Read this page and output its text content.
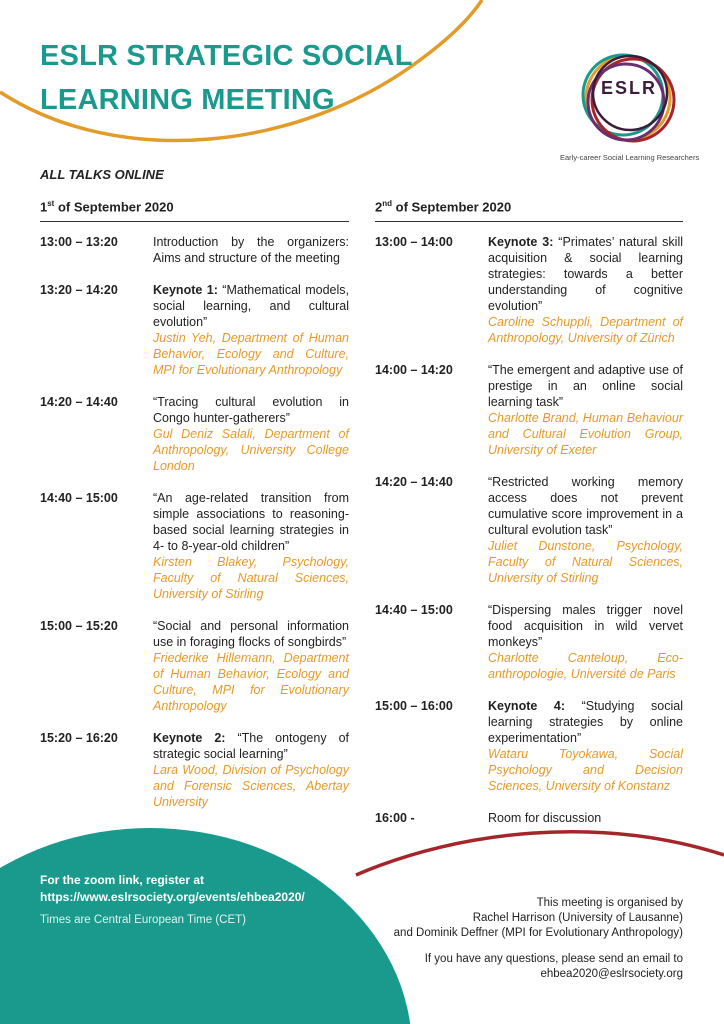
ESLR STRATEGIC SOCIAL
LEARNING MEETING	ESLR
Early-career Social Learning Researchers
ALL TALKS ONLINE
1st of September 2020
13:00 – 13:20	Introduction by the organizers: Aims and structure of the meeting
13:20 – 14:20	Keynote 1: “Mathematical models, social learning, and cultural evolution”
Justin Yeh, Department of Human Behavior, Ecology and Culture, MPI for Evolutionary Anthropology
14:20 – 14:40	“Tracing cultural evolution in Congo hunter-gatherers”
Gul Deniz Salali, Department of Anthropology, University College London
14:40 – 15:00	“An age-related transition from simple associations to reasoning-based social learning strategies in 4- to 8-year-old children”
Kirsten Blakey, Psychology, Faculty of Natural Sciences, University of Stirling
15:00 – 15:20	“Social and personal information use in foraging flocks of songbirds”
Friederike Hillemann, Department of Human Behavior, Ecology and Culture, MPI for Evolutionary Anthropology
15:20 – 16:20	Keynote 2: “The ontogeny of strategic social learning”
Lara Wood, Division of Psychology and Forensic Sciences, Abertay University
2nd of September 2020
13:00 – 14:00	Keynote 3: “Primates’ natural skill acquisition & social learning strategies: towards a better understanding of cognitive evolution”
Caroline Schuppli, Department of Anthropology, University of Zürich
14:00 – 14:20	“The emergent and adaptive use of prestige in an online social learning task”
Charlotte Brand, Human Behaviour and Cultural Evolution Group, University of Exeter
14:20 – 14:40	“Restricted working memory access does not prevent cumulative score improvement in a cultural evolution task”
Juliet Dunstone, Psychology, Faculty of Natural Sciences, University of Stirling
14:40 – 15:00	“Dispersing males trigger novel food acquisition in wild vervet monkeys”
Charlotte Canteloup, Eco-anthropologie, Université de Paris
15:00 – 16:00	Keynote 4: “Studying social learning strategies by online experimentation”
Wataru Toyokawa, Social Psychology and Decision Sciences, University of Konstanz
16:00 -	Room for discussion
For the zoom link, register at
https://www.eslrsociety.org/events/ehbea2020/
Times are Central European Time (CET)
This meeting is organised by
Rachel Harrison (University of Lausanne)
and Dominik Deffner (MPI for Evolutionary Anthropology)
If you have any questions, please send an email to
ehbea2020@eslrsociety.org
